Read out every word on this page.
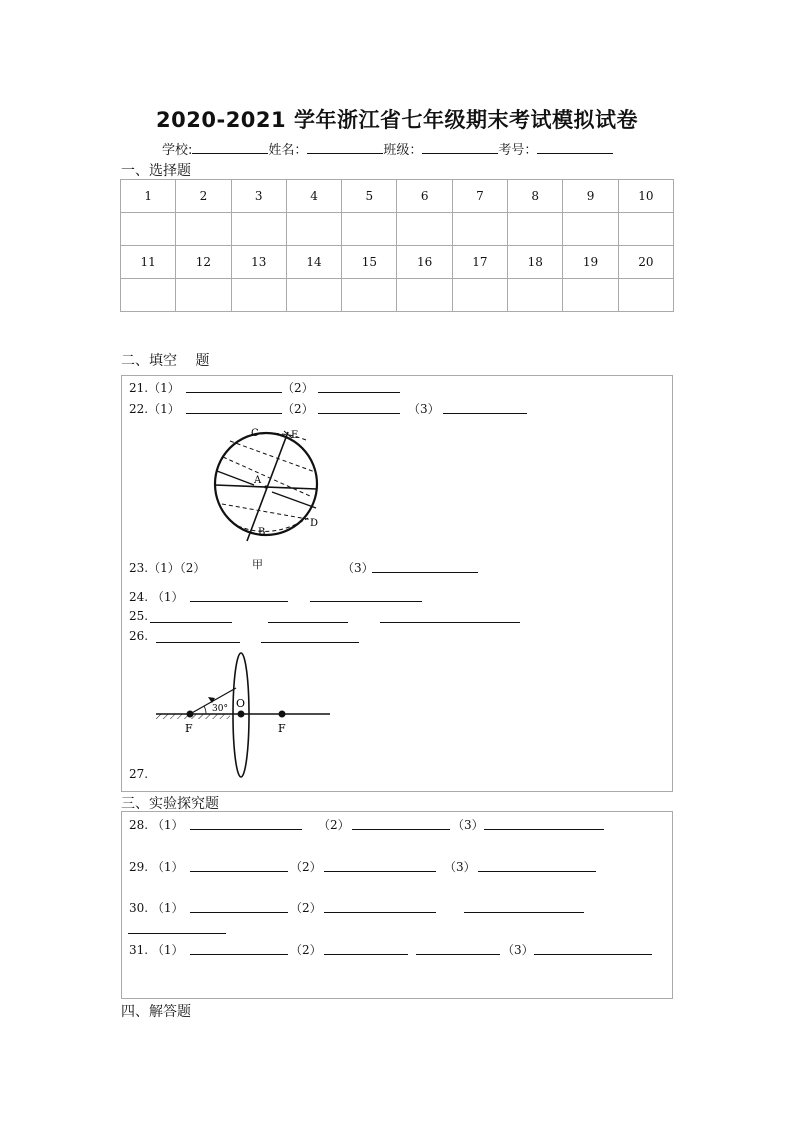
2020-2021 学年浙江省七年级期末考试模拟试卷
学校:	姓名：	班级：	考号：
一、选择题
1	2	3	4	5	6	7	8	9	10

11	12	13	14	15	16	17	18	19	20

二、填空　 题
21.（1）	（2）
22.（1）	（2）	（3）
C	E
A
B
D
23.（1）（2）	甲	（3）
24. （1）
25.
26.
30° O
F	F
27.
三、实验探究题
28. （1）	（2）	（3）
29. （1）	（2）	（3）
30. （1）	（2）
31. （1）	（2）	（3）
四、解答题
